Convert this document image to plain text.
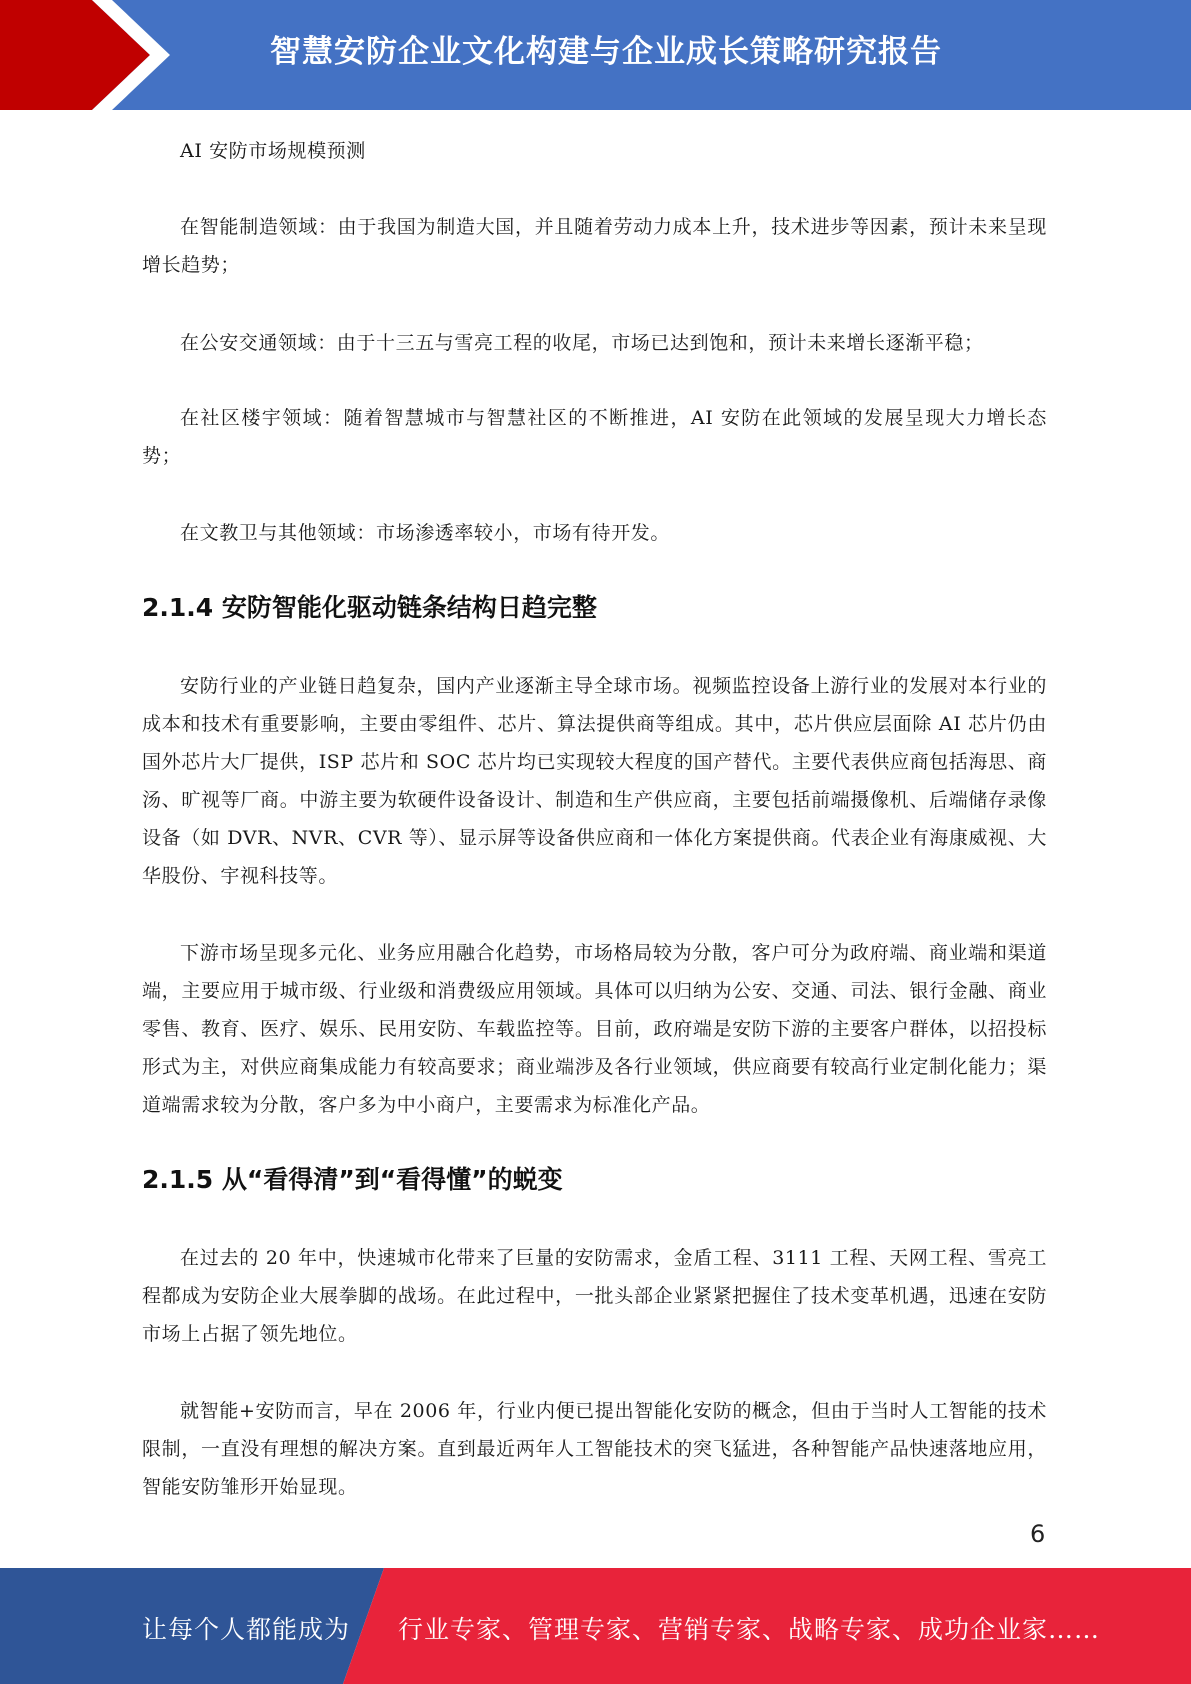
智慧安防企业文化构建与企业成长策略研究报告
AI 安防市场规模预测
在智能制造领域：由于我国为制造大国，并且随着劳动力成本上升，技术进步等因素，预计未来呈现增长趋势；
在公安交通领域：由于十三五与雪亮工程的收尾，市场已达到饱和，预计未来增长逐渐平稳；
在社区楼宇领域：随着智慧城市与智慧社区的不断推进，AI 安防在此领域的发展呈现大力增长态势；
在文教卫与其他领域：市场渗透率较小，市场有待开发。
2.1.4 安防智能化驱动链条结构日趋完整
安防行业的产业链日趋复杂，国内产业逐渐主导全球市场。视频监控设备上游行业的发展对本行业的成本和技术有重要影响，主要由零组件、芯片、算法提供商等组成。其中，芯片供应层面除 AI 芯片仍由国外芯片大厂提供，ISP 芯片和 SOC 芯片均已实现较大程度的国产替代。主要代表供应商包括海思、商汤、旷视等厂商。中游主要为软硬件设备设计、制造和生产供应商，主要包括前端摄像机、后端储存录像设备（如 DVR、NVR、CVR 等）、显示屏等设备供应商和一体化方案提供商。代表企业有海康威视、大华股份、宇视科技等。
下游市场呈现多元化、业务应用融合化趋势，市场格局较为分散，客户可分为政府端、商业端和渠道端，主要应用于城市级、行业级和消费级应用领域。具体可以归纳为公安、交通、司法、银行金融、商业零售、教育、医疗、娱乐、民用安防、车载监控等。目前，政府端是安防下游的主要客户群体，以招投标形式为主，对供应商集成能力有较高要求；商业端涉及各行业领域，供应商要有较高行业定制化能力；渠道端需求较为分散，客户多为中小商户，主要需求为标准化产品。
2.1.5 从“看得清”到“看得懂”的蜕变
在过去的 20 年中，快速城市化带来了巨量的安防需求，金盾工程、3111 工程、天网工程、雪亮工程都成为安防企业大展拳脚的战场。在此过程中，一批头部企业紧紧把握住了技术变革机遇，迅速在安防市场上占据了领先地位。
就智能+安防而言，早在 2006 年，行业内便已提出智能化安防的概念，但由于当时人工智能的技术限制，一直没有理想的解决方案。直到最近两年人工智能技术的突飞猛进，各种智能产品快速落地应用，智能安防雏形开始显现。
6
让每个人都能成为 行业专家、管理专家、营销专家、战略专家、成功企业家……
